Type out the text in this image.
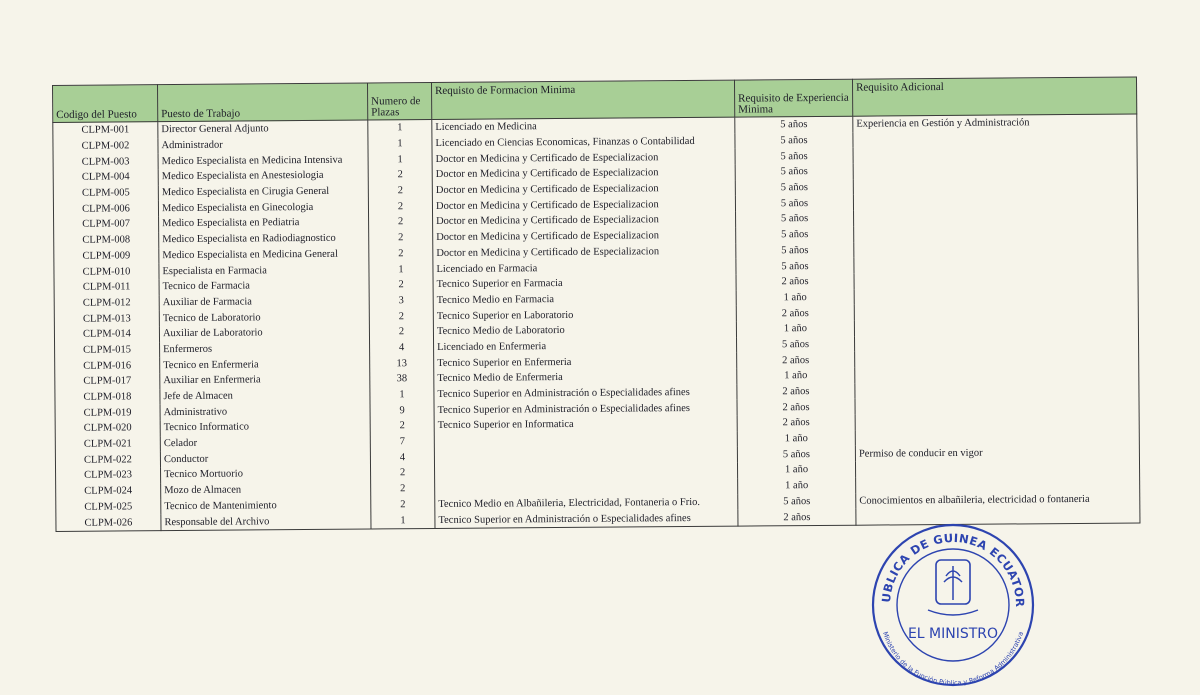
Codigo del Puesto	Puesto de Trabajo	Numero de Plazas	Requisto de Formacion Minima	Requisito de Experiencia Minima	Requisito Adicional
CLPM-001	Director General Adjunto	1	Licenciado en Medicina	5 años	Experiencia en Gestión y Administración
CLPM-002	Administrador	1	Licenciado en Ciencias Economicas, Finanzas o Contabilidad	5 años	
CLPM-003	Medico Especialista en Medicina Intensiva	1	Doctor en Medicina y Certificado de Especializacion	5 años	
CLPM-004	Medico Especialista en Anestesiologia	2	Doctor en Medicina y Certificado de Especializacion	5 años	
CLPM-005	Medico Especialista en Cirugia General	2	Doctor en Medicina y Certificado de Especializacion	5 años	
CLPM-006	Medico Especialista en Ginecologia	2	Doctor en Medicina y Certificado de Especializacion	5 años	
CLPM-007	Medico Especialista en Pediatria	2	Doctor en Medicina y Certificado de Especializacion	5 años	
CLPM-008	Medico Especialista en Radiodiagnostico	2	Doctor en Medicina y Certificado de Especializacion	5 años	
CLPM-009	Medico Especialista en Medicina General	2	Doctor en Medicina y Certificado de Especializacion	5 años	
CLPM-010	Especialista en Farmacia	1	Licenciado en Farmacia	5 años	
CLPM-011	Tecnico de Farmacia	2	Tecnico Superior en Farmacia	2 años	
CLPM-012	Auxiliar de Farmacia	3	Tecnico Medio en Farmacia	1 año	
CLPM-013	Tecnico de Laboratorio	2	Tecnico Superior en Laboratorio	2 años	
CLPM-014	Auxiliar de Laboratorio	2	Tecnico Medio de Laboratorio	1 año	
CLPM-015	Enfermeros	4	Licenciado en Enfermeria	5 años	
CLPM-016	Tecnico en Enfermeria	13	Tecnico Superior en Enfermeria	2 años	
CLPM-017	Auxiliar en Enfermeria	38	Tecnico Medio de Enfermeria	1 año	
CLPM-018	Jefe de Almacen	1	Tecnico Superior en Administración o Especialidades afines	2 años	
CLPM-019	Administrativo	9	Tecnico Superior en Administración o Especialidades afines	2 años	
CLPM-020	Tecnico Informatico	2	Tecnico Superior en Informatica	2 años	
CLPM-021	Celador	7		1 año	
CLPM-022	Conductor	4		5 años	Permiso de conducir en vigor
CLPM-023	Tecnico Mortuorio	2		1 año	
CLPM-024	Mozo de Almacen	2		1 año	
CLPM-025	Tecnico de Mantenimiento	2	Tecnico Medio en Albañileria, Electricidad, Fontaneria o Frio.	5 años	Conocimientos en albañileria, electricidad o fontaneria
CLPM-026	Responsable del Archivo	1	Tecnico Superior en Administración o Especialidades afines	2 años	
UBLICA DE GUINEA ECUATOR
Ministerio de la Función Pública y Reforma Administrativa
EL MINISTRO
